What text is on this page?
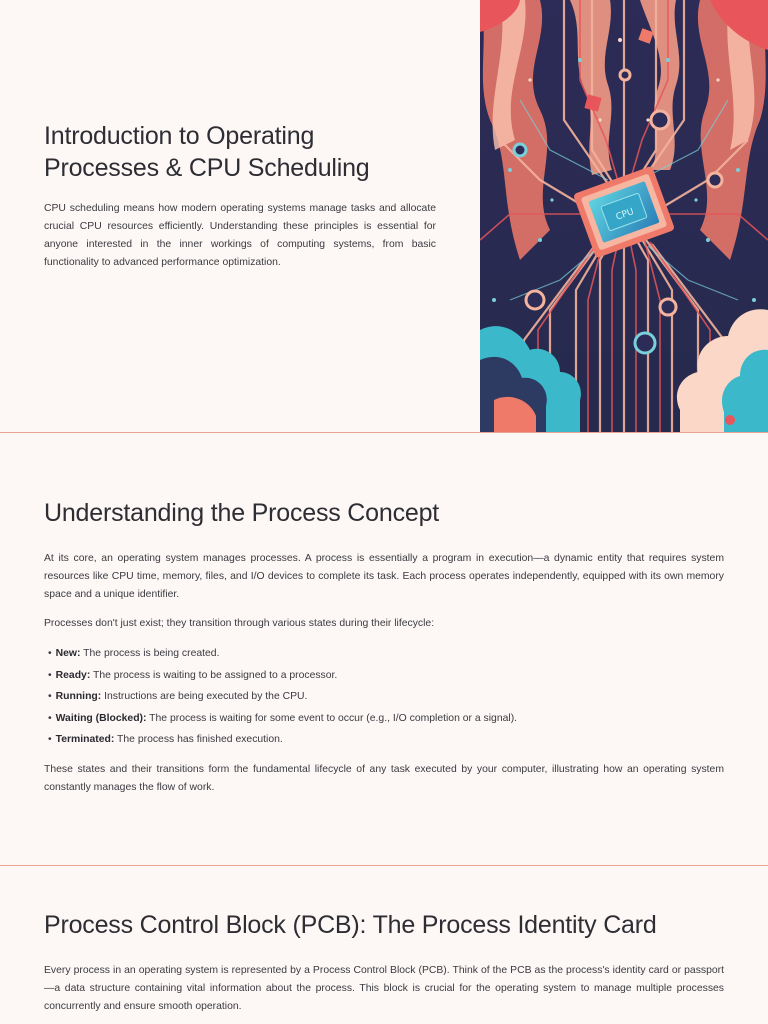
Introduction to Operating
Processes & CPU Scheduling

CPU scheduling means how modern operating systems manage tasks and allocate crucial CPU resources efficiently. Understanding these principles is essential for anyone interested in the inner workings of computing systems, from basic functionality to advanced performance optimization.

CPU
Understanding the Process Concept

At its core, an operating system manages processes. A process is essentially a program in execution—a dynamic entity that requires system resources like CPU time, memory, files, and I/O devices to complete its task. Each process operates independently, equipped with its own memory space and a unique identifier.

Processes don't just exist; they transition through various states during their lifecycle:

• New: The process is being created.
• Ready: The process is waiting to be assigned to a processor.
• Running: Instructions are being executed by the CPU.
• Waiting (Blocked): The process is waiting for some event to occur (e.g., I/O completion or a signal).
• Terminated: The process has finished execution.

These states and their transitions form the fundamental lifecycle of any task executed by your computer, illustrating how an operating system constantly manages the flow of work.

Process Control Block (PCB): The Process Identity Card

Every process in an operating system is represented by a Process Control Block (PCB). Think of the PCB as the process's identity card or passport—a data structure containing vital information about the process. This block is crucial for the operating system to manage multiple processes concurrently and ensure smooth operation.
